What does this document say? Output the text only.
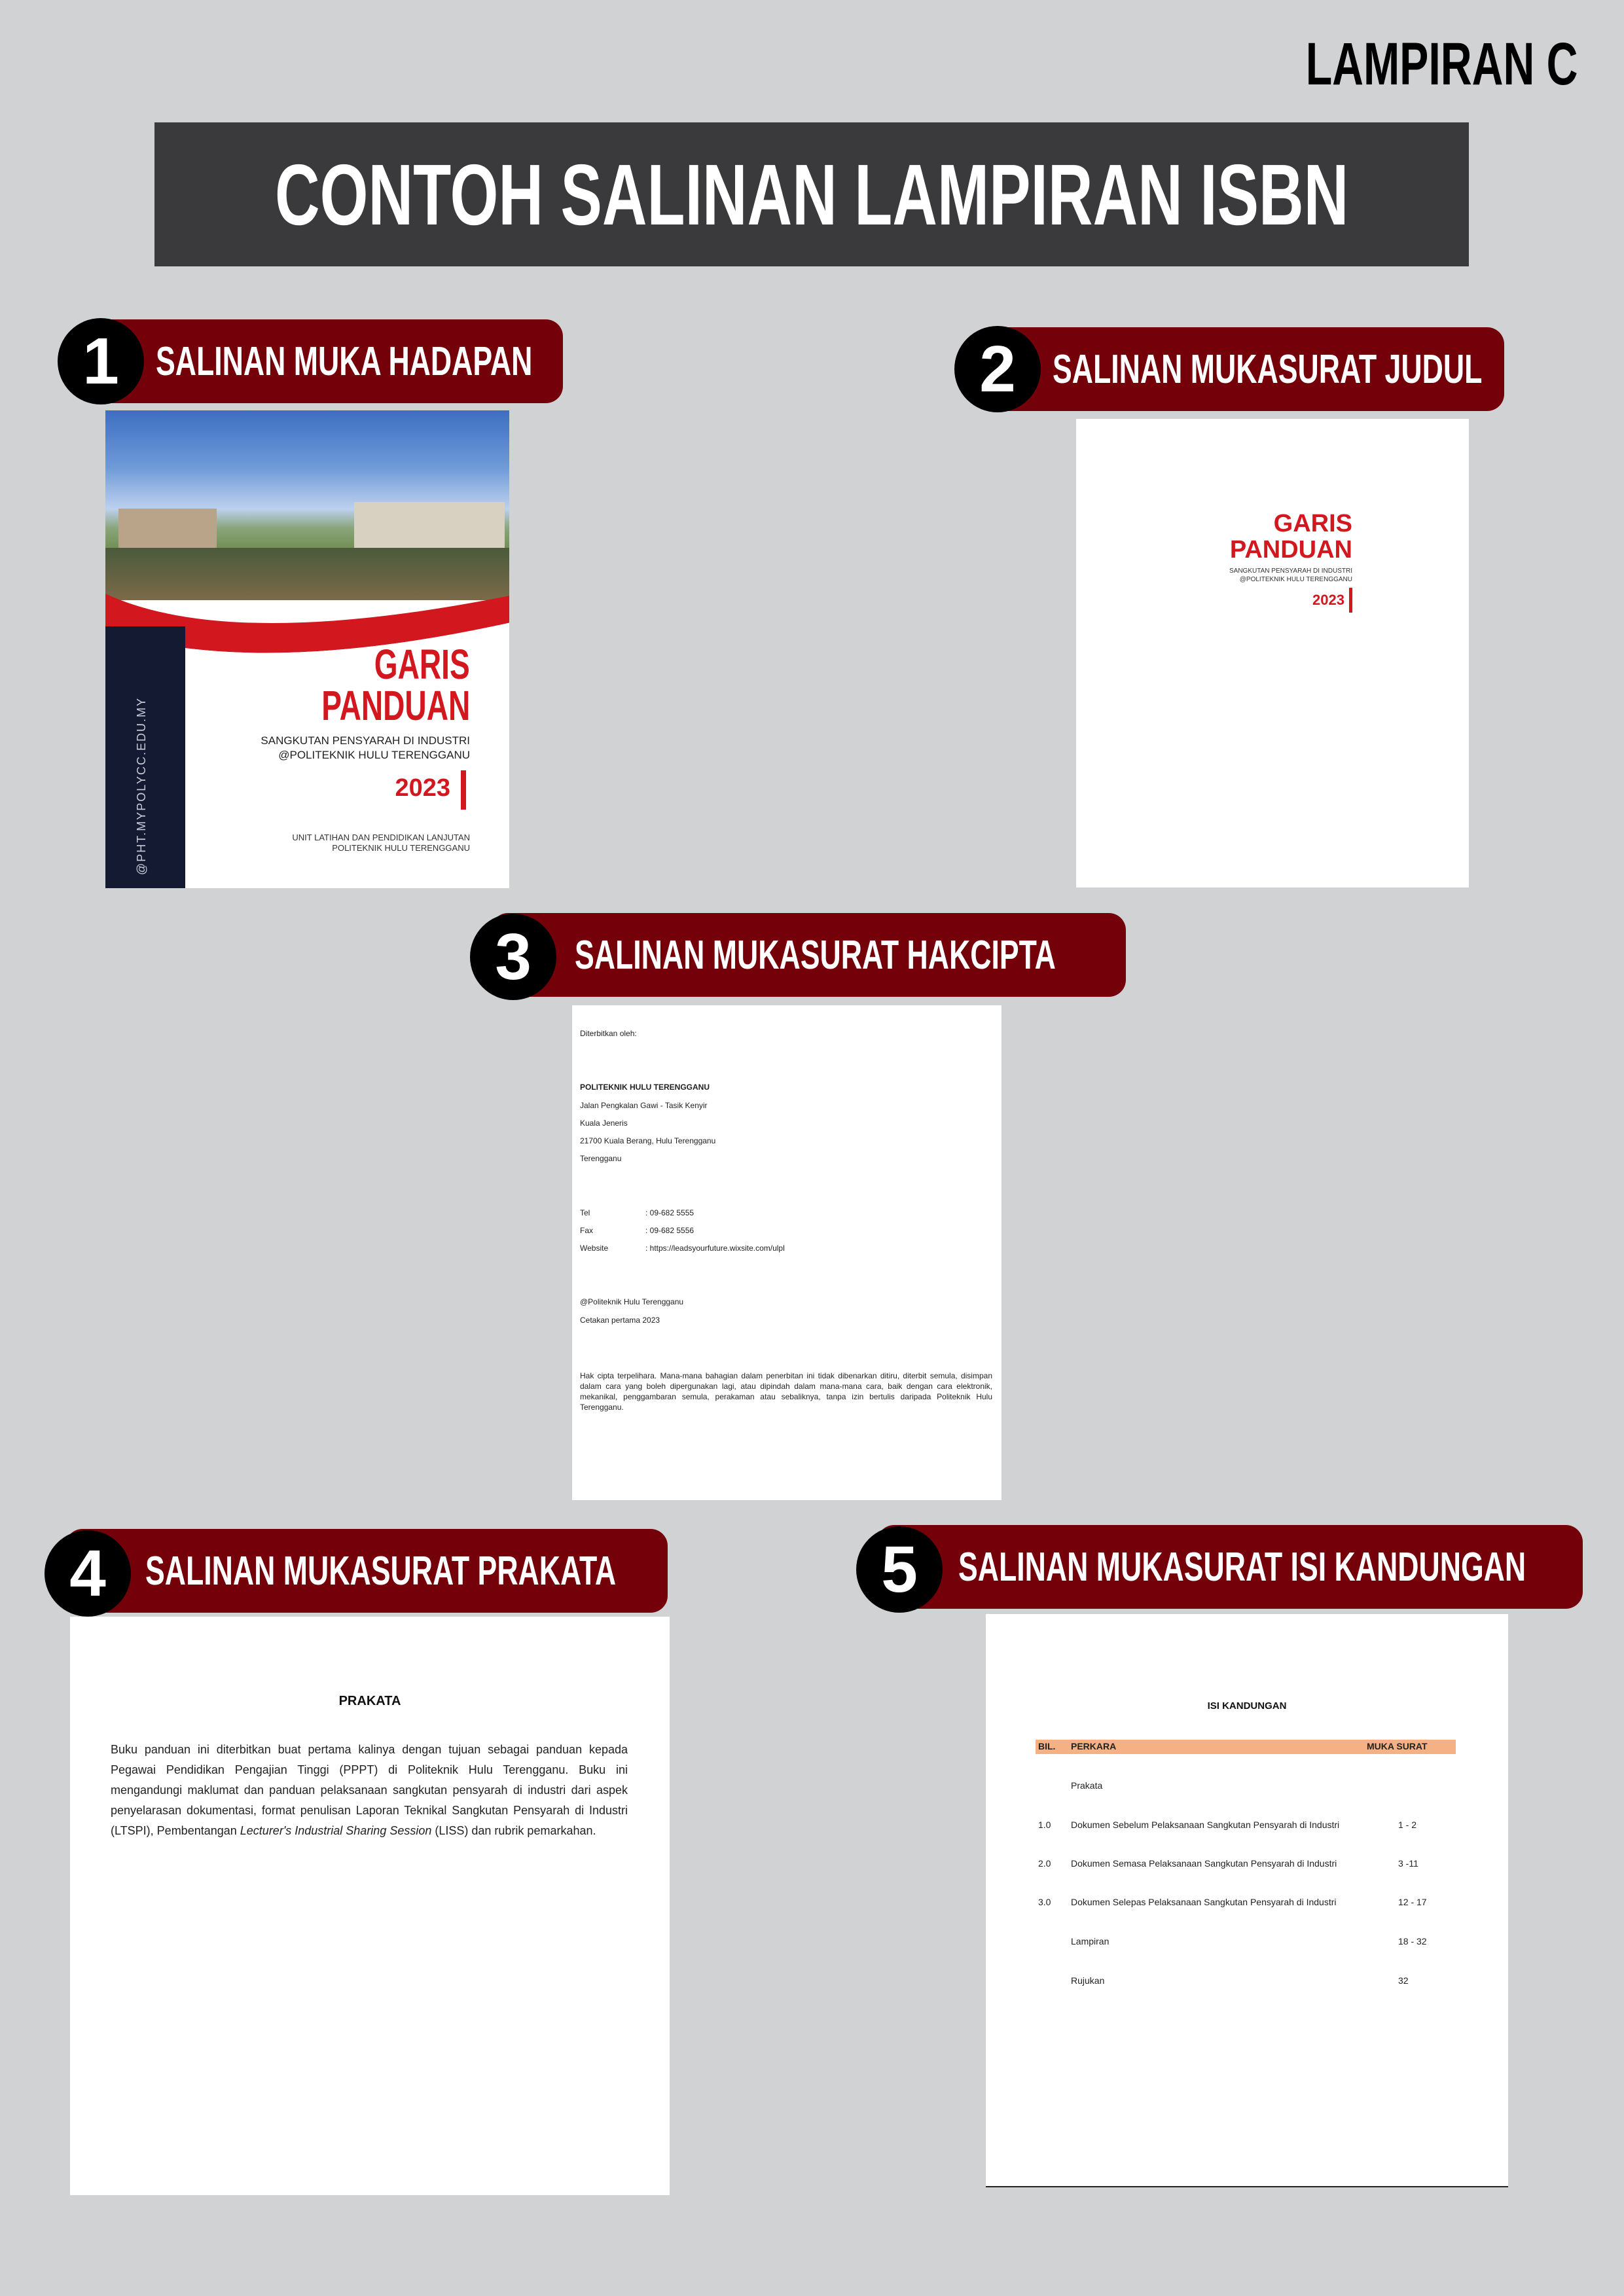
LAMPIRAN C
CONTOH SALINAN LAMPIRAN ISBN
SALINAN MUKA HADAPAN
1	SALINAN MUKASURAT JUDUL
2
SALINAN MUKASURAT HAKCIPTA
3
SALINAN MUKASURAT PRAKATA
4	SALINAN MUKASURAT ISI KANDUNGAN
5
@PHT.MYPOLYCC.EDU.MY
GARIS
PANDUAN
SANGKUTAN PENSYARAH DI INDUSTRI
@POLITEKNIK HULU TERENGGANU
2023
UNIT LATIHAN DAN PENDIDIKAN LANJUTAN
POLITEKNIK HULU TERENGGANU
GARIS
PANDUAN
SANGKUTAN PENSYARAH DI INDUSTRI
@POLITEKNIK HULU TERENGGANU
2023
Diterbitkan oleh:
POLITEKNIK HULU TERENGGANU
Jalan Pengkalan Gawi - Tasik Kenyir
Kuala Jeneris
21700 Kuala Berang, Hulu Terengganu
Terengganu
Tel	: 09-682 5555
Fax	: 09-682 5556
Website	: https://leadsyourfuture.wixsite.com/ulpl
@Politeknik Hulu Terengganu
Cetakan pertama 2023
Hak cipta terpelihara. Mana-mana bahagian dalam penerbitan ini tidak dibenarkan ditiru, diterbit semula, disimpan dalam cara yang boleh dipergunakan lagi, atau dipindah dalam mana-mana cara, baik dengan cara elektronik, mekanikal, penggambaran semula, perakaman atau sebaliknya, tanpa izin bertulis daripada Politeknik Hulu Terengganu.
PRAKATA
Buku panduan ini diterbitkan buat pertama kalinya dengan tujuan sebagai panduan kepada Pegawai Pendidikan Pengajian Tinggi (PPPT) di Politeknik Hulu Terengganu. Buku ini mengandungi maklumat dan panduan pelaksanaan sangkutan pensyarah di industri dari aspek penyelarasan dokumentasi, format penulisan Laporan Teknikal Sangkutan Pensyarah di Industri (LTSPI), Pembentangan Lecturer's Industrial Sharing Session (LISS) dan rubrik pemarkahan.
ISI KANDUNGAN
BIL. PERKARA	MUKA SURAT
Prakata
1.0 Dokumen Sebelum Pelaksanaan Sangkutan Pensyarah di Industri	1 - 2
2.0 Dokumen Semasa Pelaksanaan Sangkutan Pensyarah di Industri	3 -11
3.0 Dokumen Selepas Pelaksanaan Sangkutan Pensyarah di Industri	12 - 17
Lampiran	18 - 32
Rujukan	32
